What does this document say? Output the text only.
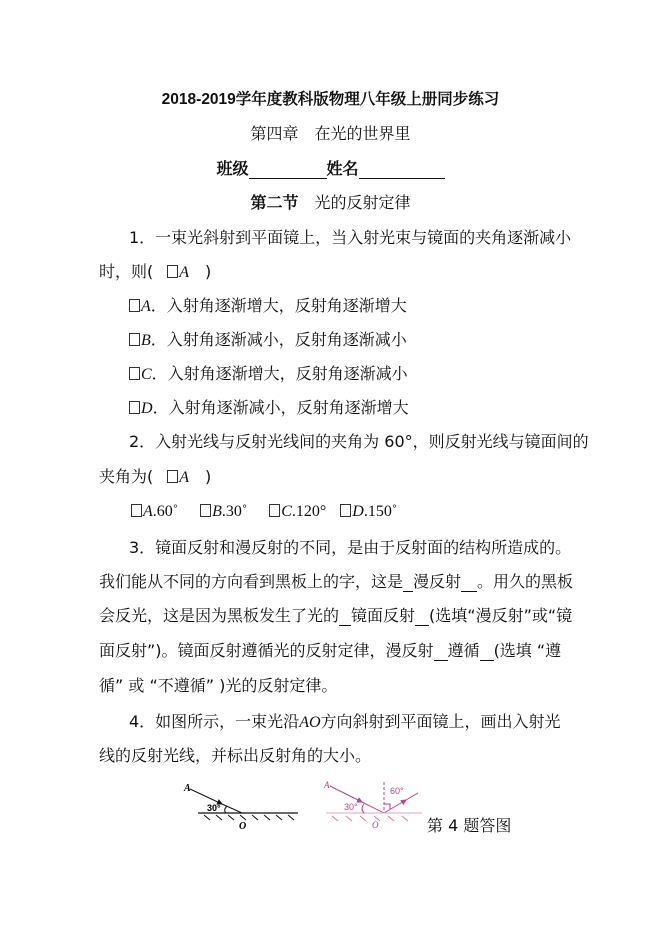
2018-2019学年度教科版物理八年级上册同步练习
第四章　在光的世界里
班级	姓名
第二节 光的反射定律
1．一束光斜射到平面镜上，当入射光束与镜面的夹角逐渐减小
时，则( A )
A．入射角逐渐增大，反射角逐渐增大
B．入射角逐渐减小，反射角逐渐减小
C．入射角逐渐增大，反射角逐渐减小
D．入射角逐渐减小，反射角逐渐增大
2．入射光线与反射光线间的夹角为 60°，则反射光线与镜面间的
夹角为( A )
A.60˚ B.30˚ C.120° D.150˚
3．镜面反射和漫反射的不同，是由于反射面的结构所造成的。
我们能从不同的方向看到黑板上的字，这是 漫反射 。用久的黑板
会反光，这是因为黑板发生了光的 镜面反射 (选填“漫反射”或“镜
面反射”)。镜面反射遵循光的反射定律，漫反射 遵循 (选填 “遵
循” 或 “不遵循” )光的反射定律。
4．如图所示，一束光沿AO方向斜射到平面镜上，画出入射光
线的反射光线，并标出反射角的大小。
A
30°
O
A
30°
60°
O	第 4 题答图
